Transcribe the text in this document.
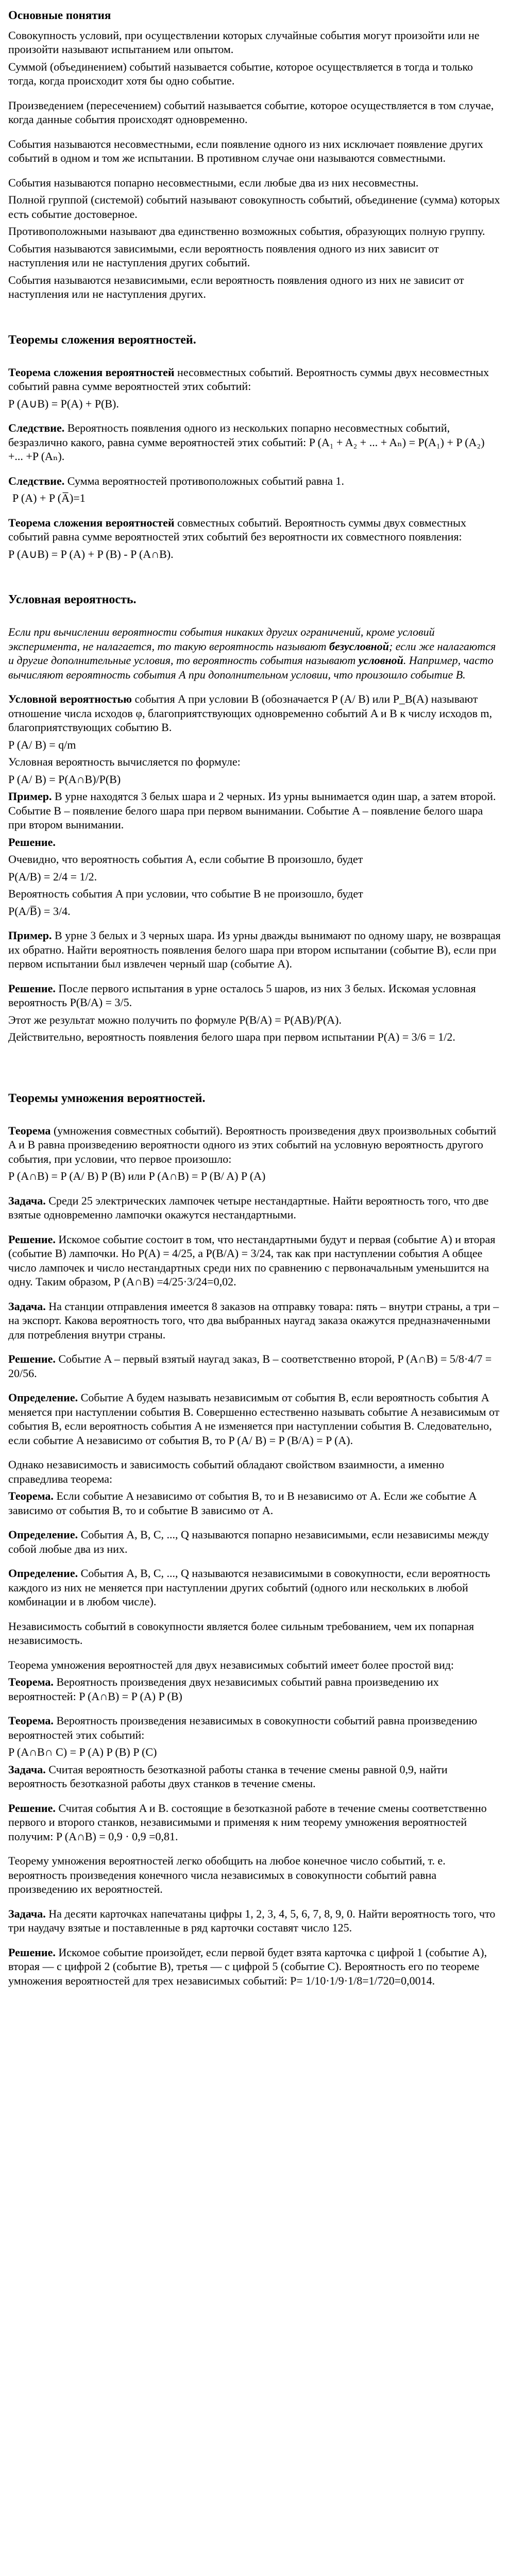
Основные понятия

Совокупность условий, при осуществлении которых случайные события могут произойти или не произойти называют испытанием или опытом.

Суммой (объединением) событий называется событие, которое осуществляется в тогда и только тогда, когда происходит хотя бы одно событие.

Произведением (пересечением) событий называется событие, которое осуществляется в том случае, когда данные события происходят одновременно.

События называются несовместными, если появление одного из них исключает появление других событий в одном и том же испытании. В противном случае они называются совместными.

События называются попарно несовместными, если любые два из них несовместны.

Полной группой (системой) событий называют совокупность событий, объединение (сумма) которых есть событие достоверное.

Противоположными называют два единственно возможных события, образующих полную группу.

События называются зависимыми, если вероятность появления одного из них зависит от наступления или не наступления других событий.

События называются независимыми, если вероятность появления одного из них не зависит от наступления или не наступления других.

Теоремы сложения вероятностей.

Теорема сложения вероятностей несовместных событий. Вероятность суммы двух несовместных событий равна сумме вероятностей этих событий:

P (A∪B) = P(A) + P(B).

Следствие. Вероятность появления одного из нескольких попарно несовместных событий, безразлично какого, равна сумме вероятностей этих событий: P (A₁ + A₂ + ... + Aₙ) = P(A₁) + P (A₂) +... +P (Aₙ).

Следствие. Сумма вероятностей противоположных событий равна 1.

P (A) + P (A̅)=1

Теорема сложения вероятностей совместных событий. Вероятность суммы двух совместных событий равна сумме вероятностей этих событий без вероятности их совместного появления:

P (A∪B) = P (A) + P (B) - P (A∩B).

Условная вероятность.

Если при вычислении вероятности события никаких других ограничений, кроме условий эксперимента, не налагается, то такую вероятность называют безусловной; если же налагаются и другие дополнительные условия, то вероятность события называют условной. Например, часто вычисляют вероятность события A при дополнительном условии, что произошло событие B.

Условной вероятностью события A при условии B (обозначается P (A/ B) или P_B(A) называют отношение числа исходов φ, благоприятствующих одновременно событий A и B к числу исходов m, благоприятствующих событию B.

P (A/ B) = q/m

Условная вероятность вычисляется по формуле:

P (A/ B) = P(A∩B)/P(B)

Пример. В урне находятся 3 белых шара и 2 черных. Из урны вынимается один шар, а затем второй. Событие B – появление белого шара при первом вынимании. Событие A – появление белого шара при втором вынимании.

Решение.

Очевидно, что вероятность события A, если событие B произошло, будет

P(A/B) = 2/4 = 1/2.

Вероятность события A при условии, что событие B не произошло, будет

P(A/B̅) = 3/4.

Пример. В урне 3 белых и 3 черных шара. Из урны дважды вынимают по одному шару, не возвращая их обратно. Найти вероятность появления белого шара при втором испытании (событие B), если при первом испытании был извлечен черный шар (событие A).

Решение. После первого испытания в урне осталось 5 шаров, из них 3 белых. Искомая условная вероятность P(B/A) = 3/5.

Этот же результат можно получить по формуле P(B/A) = P(AB)/P(A).

Действительно, вероятность появления белого шара при первом испытании P(A) = 3/6 = 1/2.

Теоремы умножения вероятностей.

Теорема (умножения совместных событий). Вероятность произведения двух произвольных событий A и B равна произведению вероятности одного из этих событий на условную вероятность другого события, при условии, что первое произошло:

P (A∩B) = P (A/ B) P (B) или P (A∩B) = P (B/ A) P (A)

Задача. Среди 25 электрических лампочек четыре нестандартные. Найти вероятность того, что две взятые одновременно лампочки окажутся нестандартными.

Решение. Искомое событие состоит в том, что нестандартными будут и первая (событие A) и вторая (событие B) лампочки. Но P(A) = 4/25, а P(B/A) = 3/24, так как при наступлении события A общее число лампочек и число нестандартных среди них по сравнению с первоначальным уменьшится на одну. Таким образом, P (A∩B) =4/25·3/24=0,02.

Задача. На станции отправления имеется 8 заказов на отправку товара: пять – внутри страны, а три – на экспорт. Какова вероятность того, что два выбранных наугад заказа окажутся предназначенными для потребления внутри страны.

Решение. Событие A – первый взятый наугад заказ, B – соответственно второй, P (A∩B) = 5/8·4/7 = 20/56.

Определение. Событие A будем называть независимым от события B, если вероятность события A меняется при наступлении события B. Совершенно естественно называть событие A независимым от события B, если вероятность события A не изменяется при наступлении события B. Следовательно, если событие A независимо от события B, то P (A/ B) = P (B/A) = P (A).

Однако независимость и зависимость событий обладают свойством взаимности, а именно справедлива теорема:

Теорема. Если событие A независимо от события B, то и B независимо от A. Если же событие A зависимо от события B, то и событие B зависимо от A.

Определение. События A, B, C, ..., Q называются попарно независимыми, если независимы между собой любые два из них.

Определение. События A, B, C, ..., Q называются независимыми в совокупности, если вероятность каждого из них не меняется при наступлении других событий (одного или нескольких в любой комбинации и в любом числе).

Независимость событий в совокупности является более сильным требованием, чем их попарная независимость.

Теорема умножения вероятностей для двух независимых событий имеет более простой вид:

Теорема. Вероятность произведения двух независимых событий равна произведению их вероятностей: P (A∩B) = P (A) P (B)

Теорема. Вероятность произведения независимых в совокупности событий равна произведению вероятностей этих событий:

P (A∩B∩ C) = P (A) P (B) P (C)

Задача. Считая вероятность безотказной работы станка в течение смены равной 0,9, найти вероятность безотказной работы двух станков в течение смены.

Решение. Считая события A и B. состоящие в безотказной работе в течение смены соответственно первого и второго станков, независимыми и применяя к ним теорему умножения вероятностей получим: P (A∩B) = 0,9 · 0,9 =0,81.

Теорему умножения вероятностей легко обобщить на любое конечное число событий, т. е. вероятность произведения конечного числа независимых в совокупности событий равна произведению их вероятностей.

Задача. На десяти карточках напечатаны цифры 1, 2, 3, 4, 5, 6, 7, 8, 9, 0. Найти вероятность того, что три наудачу взятые и поставленные в ряд карточки составят число 125.

Решение. Искомое событие произойдет, если первой будет взята карточка с цифрой 1 (событие A), вторая — с цифрой 2 (событие B), третья — с цифрой 5 (событие C). Вероятность его по теореме умножения вероятностей для трех независимых событий: P= 1/10·1/9·1/8=1/720=0,0014.
